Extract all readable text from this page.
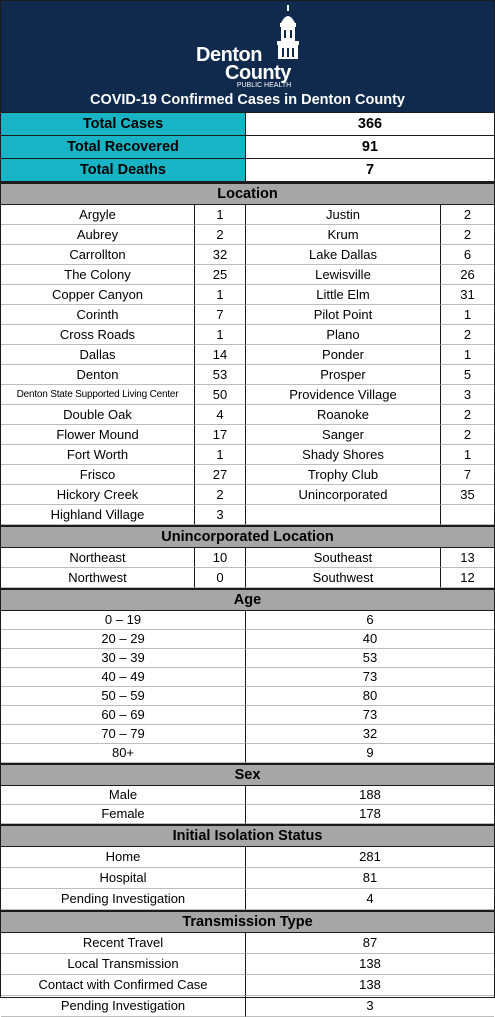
Denton
County
PUBLIC HEALTH
COVID-19 Confirmed Cases in Denton County
Total Cases	366
Total Recovered	91
Total Deaths	7
Location
Argyle	1	Justin	2
Aubrey	2	Krum	2
Carrollton	32	Lake Dallas	6
The Colony	25	Lewisville	26
Copper Canyon	1	Little Elm	31
Corinth	7	Pilot Point	1
Cross Roads	1	Plano	2
Dallas	14	Ponder	1
Denton	53	Prosper	5
Denton State Supported Living Center	50	Providence Village	3
Double Oak	4	Roanoke	2
Flower Mound	17	Sanger	2
Fort Worth	1	Shady Shores	1
Frisco	27	Trophy Club	7
Hickory Creek	2	Unincorporated	35
Highland Village	3
Unincorporated Location
Northeast	10	Southeast	13
Northwest	0	Southwest	12
Age
0 – 19	6
20 – 29	40
30 – 39	53
40 – 49	73
50 – 59	80
60 – 69	73
70 – 79	32
80+	9
Sex
Male	188
Female	178
Initial Isolation Status
Home	281
Hospital	81
Pending Investigation	4
Transmission Type
Recent Travel	87
Local Transmission	138
Contact with Confirmed Case	138
Pending Investigation	3
